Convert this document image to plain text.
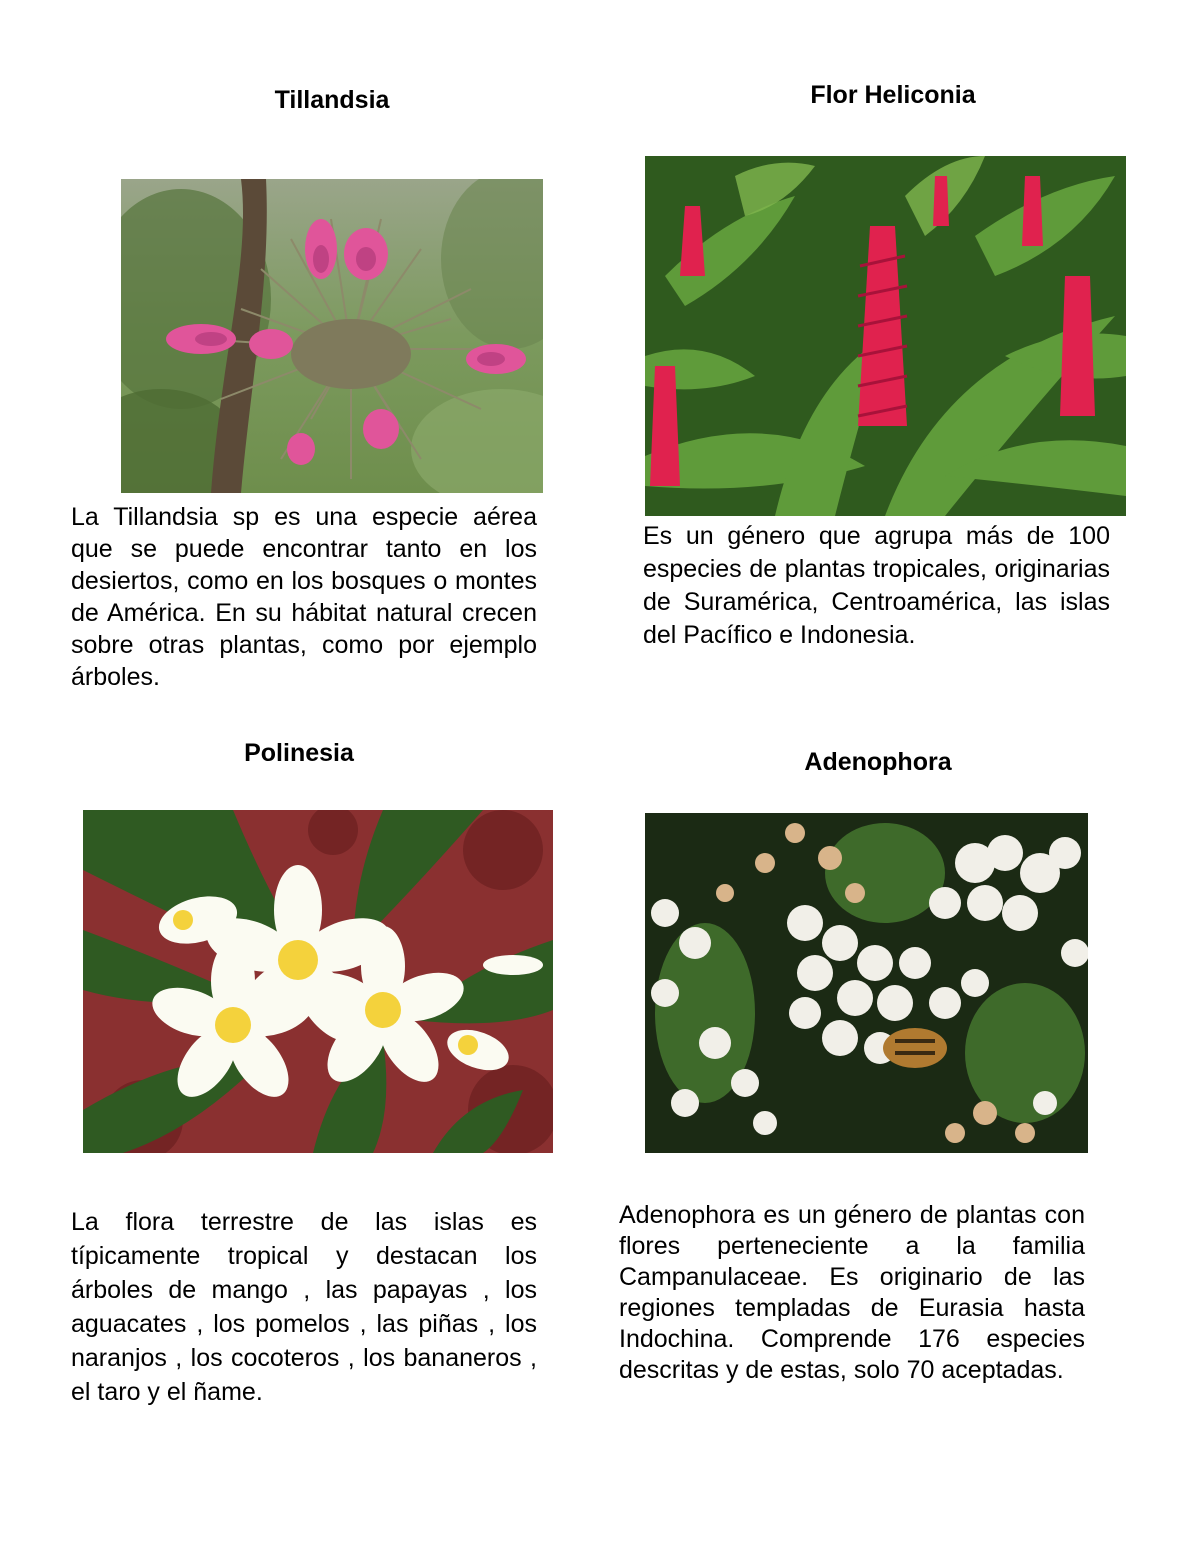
Tillandsia
La Tillandsia sp es una especie aérea que se puede encontrar tanto en los desiertos, como en los bosques o montes de América. En su hábitat natural crecen sobre otras plantas, como por ejemplo árboles.
Flor Heliconia
Es un género que agrupa más de 100 especies de plantas tropicales, originarias de Suramérica, Centroamérica, las islas del Pacífico e Indonesia.
Polinesia
La flora terrestre de las islas es típicamente tropical y destacan los árboles de mango , las papayas , los aguacates , los pomelos , las piñas , los naranjos , los cocoteros , los bananeros , el taro y el ñame.
Adenophora
Adenophora es un género de plantas con flores perteneciente a la familia Campanulaceae. Es originario de las regiones templadas de Eurasia hasta Indochina. Comprende 176 especies descritas y de estas, solo 70 aceptadas.
